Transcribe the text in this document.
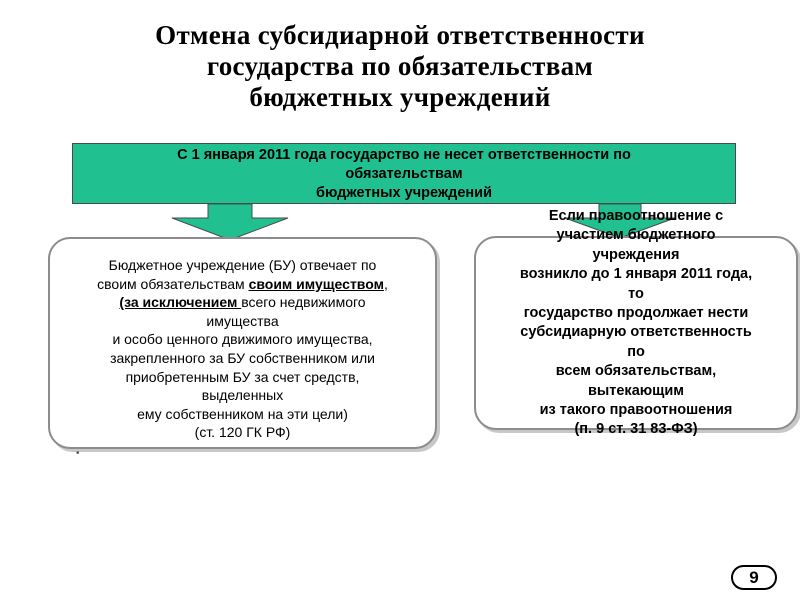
Отмена субсидиарной ответственности
государства по обязательствам
бюджетных учреждений
С 1 января 2011 года государство не несет ответственности по
обязательствам
бюджетных учреждений
Бюджетное учреждение (БУ) отвечает по
своим обязательствам своим имуществом,
(за исключением всего недвижимого
имущества
и особо ценного движимого имущества,
закрепленного за БУ собственником или
приобретенным БУ за счет средств,
выделенных
ему собственником на эти цели)
(ст. 120 ГК РФ)
Если правоотношение с
участием бюджетного
учреждения
возникло до 1 января 2011 года,
то
государство продолжает нести
субсидиарную ответственность
по
всем обязательствам,
вытекающим
из такого правоотношения
(п. 9 ст. 31 83-ФЗ)
•
9
